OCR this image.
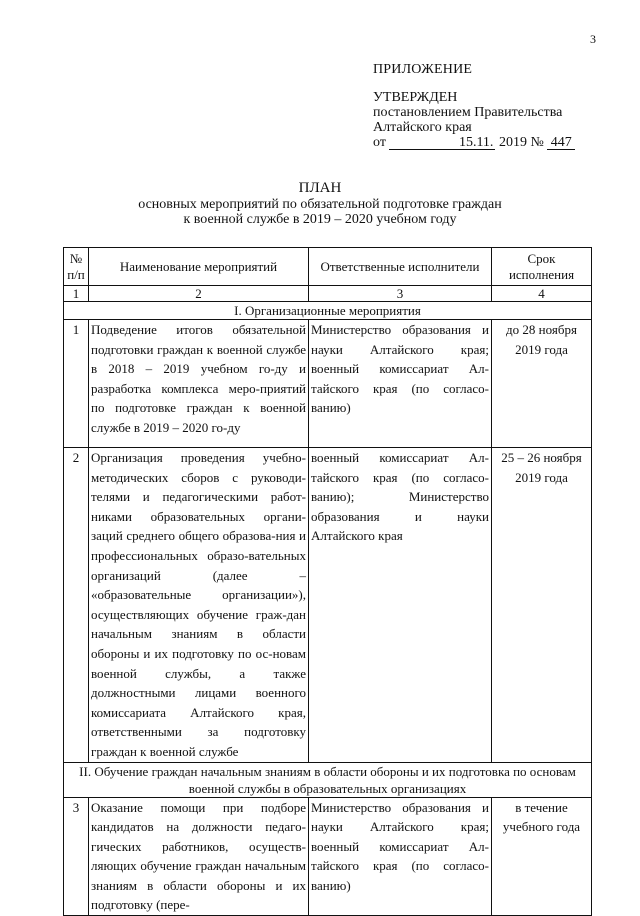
3
ПРИЛОЖЕНИЕ
УТВЕРЖДЕН
постановлением Правительства
Алтайского края
от	15.11. 2019 № 447
ПЛАН
основных мероприятий по обязательной подготовке граждан
к военной службе в 2019 – 2020 учебном году
№
п/п	Наименование мероприятий	Ответственные исполнители	Срок исполнения
1	2	3	4
I. Организационные мероприятия			
1	Подведение итогов обязательной подготовки граждан к военной службе в 2018 – 2019 учебном го-ду и разработка комплекса меро-приятий по подготовке граждан к военной службе в 2019 – 2020 го-ду	Министерство образования и науки Алтайского края; военный комиссариат Ал-тайского края (по согласо-ванию)	до 28 ноября 2019 года
2	Организация проведения учебно-методических сборов с руководи-телями и педагогическими работ-никами образовательных органи-заций среднего общего образова-ния и профессиональных образо-вательных организаций (далее – «образовательные организации»), осуществляющих обучение граж-дан начальным знаниям в области обороны и их подготовку по ос-новам военной службы, а также должностными лицами военного комиссариата Алтайского края, ответственными за подготовку граждан к военной службе	военный комиссариат Ал-тайского края (по согласо-ванию); Министерство образования и науки Алтайского края	25 – 26 ноября 2019 года
II. Обучение граждан начальным знаниям в области обороны и их подготовка по основам военной службы в образовательных организациях			
3	Оказание помощи при подборе кандидатов на должности педаго-гических работников, осуществ-ляющих обучение граждан начальным знаниям в области обороны и их подготовку (пере-	Министерство образования и науки Алтайского края; военный комиссариат Ал-тайского края (по согласо-ванию)	в течение учебного года
